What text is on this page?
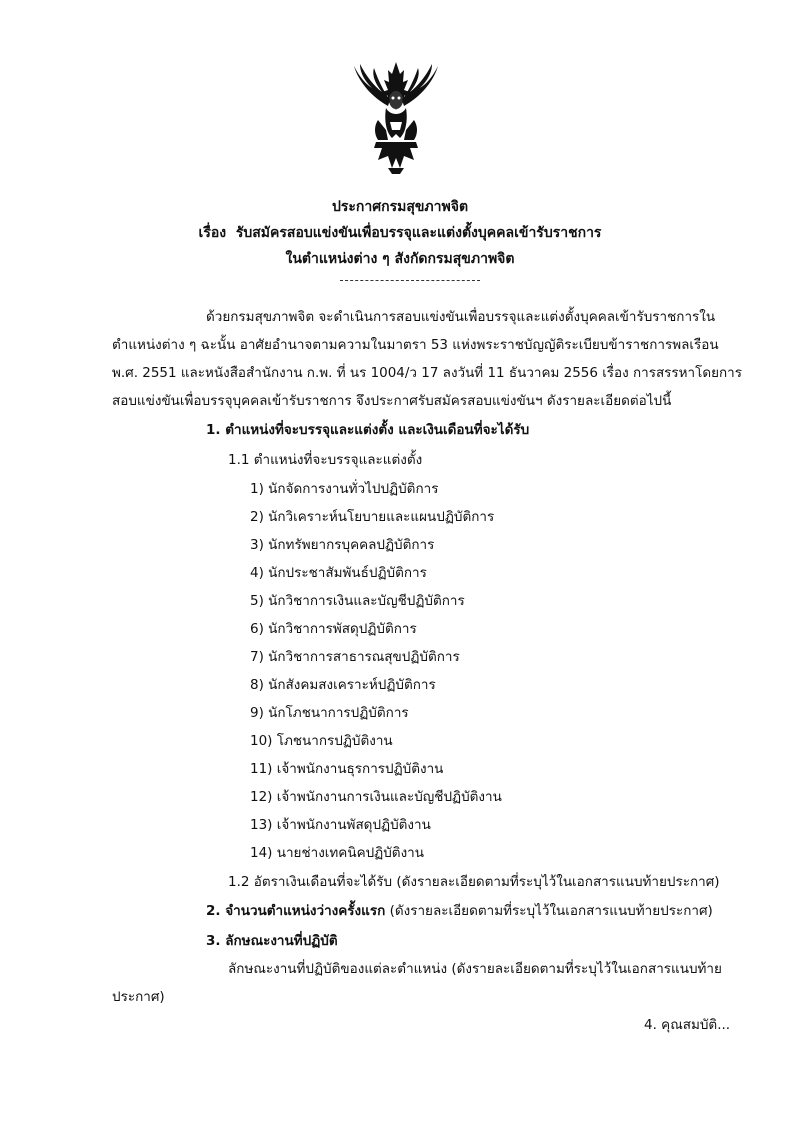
ประกาศกรมสุขภาพจิต
เรื่อง รับสมัครสอบแข่งขันเพื่อบรรจุและแต่งตั้งบุคคลเข้ารับราชการ
ในตำแหน่งต่าง ๆ สังกัดกรมสุขภาพจิต
ด้วยกรมสุขภาพจิต จะดำเนินการสอบแข่งขันเพื่อบรรจุและแต่งตั้งบุคคลเข้ารับราชการใน
ตำแหน่งต่าง ๆ ฉะนั้น อาศัยอำนาจตามความในมาตรา 53 แห่งพระราชบัญญัติระเบียบข้าราชการพลเรือน
พ.ศ. 2551 และหนังสือสำนักงาน ก.พ. ที่ นร 1004/ว 17 ลงวันที่ 11 ธันวาคม 2556 เรื่อง การสรรหาโดยการ
สอบแข่งขันเพื่อบรรจุบุคคลเข้ารับราชการ จึงประกาศรับสมัครสอบแข่งขันฯ ดังรายละเอียดต่อไปนี้
1. ตำแหน่งที่จะบรรจุและแต่งตั้ง และเงินเดือนที่จะได้รับ
1.1 ตำแหน่งที่จะบรรจุและแต่งตั้ง
1) นักจัดการงานทั่วไปปฏิบัติการ
2) นักวิเคราะห์นโยบายและแผนปฏิบัติการ
3) นักทรัพยากรบุคคลปฏิบัติการ
4) นักประชาสัมพันธ์ปฏิบัติการ
5) นักวิชาการเงินและบัญชีปฏิบัติการ
6) นักวิชาการพัสดุปฏิบัติการ
7) นักวิชาการสาธารณสุขปฏิบัติการ
8) นักสังคมสงเคราะห์ปฏิบัติการ
9) นักโภชนาการปฏิบัติการ
10) โภชนากรปฏิบัติงาน
11) เจ้าพนักงานธุรการปฏิบัติงาน
12) เจ้าพนักงานการเงินและบัญชีปฏิบัติงาน
13) เจ้าพนักงานพัสดุปฏิบัติงาน
14) นายช่างเทคนิคปฏิบัติงาน
1.2 อัตราเงินเดือนที่จะได้รับ (ดังรายละเอียดตามที่ระบุไว้ในเอกสารแนบท้ายประกาศ)
2. จำนวนตำแหน่งว่างครั้งแรก (ดังรายละเอียดตามที่ระบุไว้ในเอกสารแนบท้ายประกาศ)
3. ลักษณะงานที่ปฏิบัติ
ลักษณะงานที่ปฏิบัติของแต่ละตำแหน่ง (ดังรายละเอียดตามที่ระบุไว้ในเอกสารแนบท้าย
ประกาศ)
4. คุณสมบัติ...
